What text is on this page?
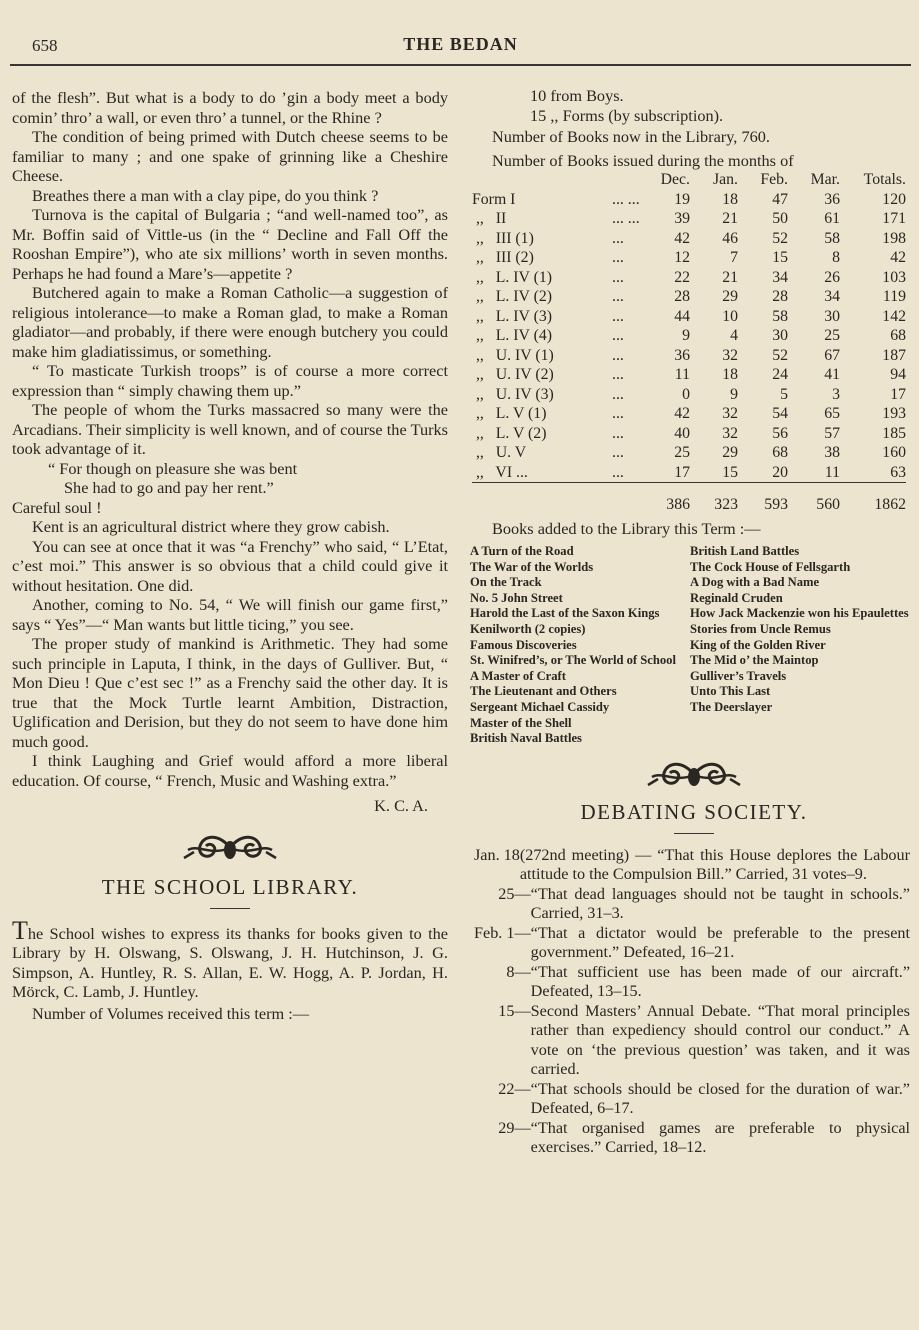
658	THE BEDAN

of the flesh”. But what is a body to do ’gin a body meet a body comin’ thro’ a wall, or even thro’ a tunnel, or the Rhine ?

The condition of being primed with Dutch cheese seems to be familiar to many ; and one spake of grinning like a Cheshire Cheese.

Breathes there a man with a clay pipe, do you think ?

Turnova is the capital of Bulgaria ; “and well-named too”, as Mr. Boffin said of Vittle-us (in the “ Decline and Fall Off the Rooshan Empire”), who ate six millions’ worth in seven months. Perhaps he had found a Mare’s—appetite ?

Butchered again to make a Roman Catholic—a suggestion of religious intolerance—to make a Roman glad, to make a Roman gladiator—and probably, if there were enough butchery you could make him gladiatissimus, or something.

“ To masticate Turkish troops” is of course a more correct expression than “ simply chawing them up.”

The people of whom the Turks massacred so many were the Arcadians. Their simplicity is well known, and of course the Turks took advantage of it.

“ For though on pleasure she was bent

She had to go and pay her rent.”

Careful soul !

Kent is an agricultural district where they grow cabish.

You can see at once that it was “a Frenchy” who said, “ L’Etat, c’est moi.” This answer is so obvious that a child could give it without hesitation. One did.

Another, coming to No. 54, “ We will finish our game first,” says “ Yes”—“ Man wants but little ticing,” you see.

The proper study of mankind is Arithmetic. They had some such principle in Laputa, I think, in the days of Gulliver. But, “ Mon Dieu ! Que c’est sec !” as a Frenchy said the other day. It is true that the Mock Turtle learnt Ambition, Distraction, Uglification and Derision, but they do not seem to have done him much good.

I think Laughing and Grief would afford a more liberal education. Of course, “ French, Music and Washing extra.”

K. C. A.

THE SCHOOL LIBRARY.

The School wishes to express its thanks for books given to the Library by H. Olswang, S. Olswang, J. H. Hutchinson, J. G. Simpson, A. Huntley, R. S. Allan, E. W. Hogg, A. P. Jordan, H. Mörck, C. Lamb, J. Huntley.

Number of Volumes received this term :—

10 from Boys.

15 ,, Forms (by subscription).

Number of Books now in the Library, 760.

Number of Books issued during the months of

		Dec.	Jan.	Feb.	Mar.	Totals.
Form I	... ...	19	18	47	36	120
,,   II	... ...	39	21	50	61	171
,,   III (1)	...	42	46	52	58	198
,,   III (2)	...	12	7	15	8	42
,,   L. IV (1)	...	22	21	34	26	103
,,   L. IV (2)	...	28	29	28	34	119
,,   L. IV (3)	...	44	10	58	30	142
,,   L. IV (4)	...	9	4	30	25	68
,,   U. IV (1)	...	36	32	52	67	187
,,   U. IV (2)	...	11	18	24	41	94
,,   U. IV (3)	...	0	9	5	3	17
,,   L. V (1)	...	42	32	54	65	193
,,   L. V (2)	...	40	32	56	57	185
,,   U. V	...	25	29	68	38	160
,,   VI ...	...	17	15	20	11	63
		386	323	593	560	1862

Books added to the Library this Term :—

A Turn of the Road
The War of the Worlds
On the Track
No. 5 John Street
Harold the Last of the Saxon Kings
Kenilworth (2 copies)
Famous Discoveries
St. Winifred’s, or The World of School
A Master of Craft
The Lieutenant and Others
Sergeant Michael Cassidy
Master of the Shell
British Naval Battles
British Land Battles
The Cock House of Fellsgarth
A Dog with a Bad Name
Reginald Cruden
How Jack Mackenzie won his Epaulettes
Stories from Uncle Remus
King of the Golden River
The Mid o’ the Maintop
Gulliver’s Travels
Unto This Last
The Deerslayer
DEBATING SOCIETY.
Jan. 18 (272nd meeting) — “That this House deplores the Labour attitude to the Compulsion Bill.” Carried, 31 votes–9.
25— “That dead languages should not be taught in schools.” Carried, 31–3.
Feb. 1— “That a dictator would be preferable to the present government.” Defeated, 16–21.
8— “That sufficient use has been made of our aircraft.” Defeated, 13–15.
15— Second Masters’ Annual Debate. “That moral principles rather than expediency should control our conduct.” A vote on ‘the previous question’ was taken, and it was carried.
22— “That schools should be closed for the duration of war.” Defeated, 6–17.
29— “That organised games are preferable to physical exercises.” Carried, 18–12.
